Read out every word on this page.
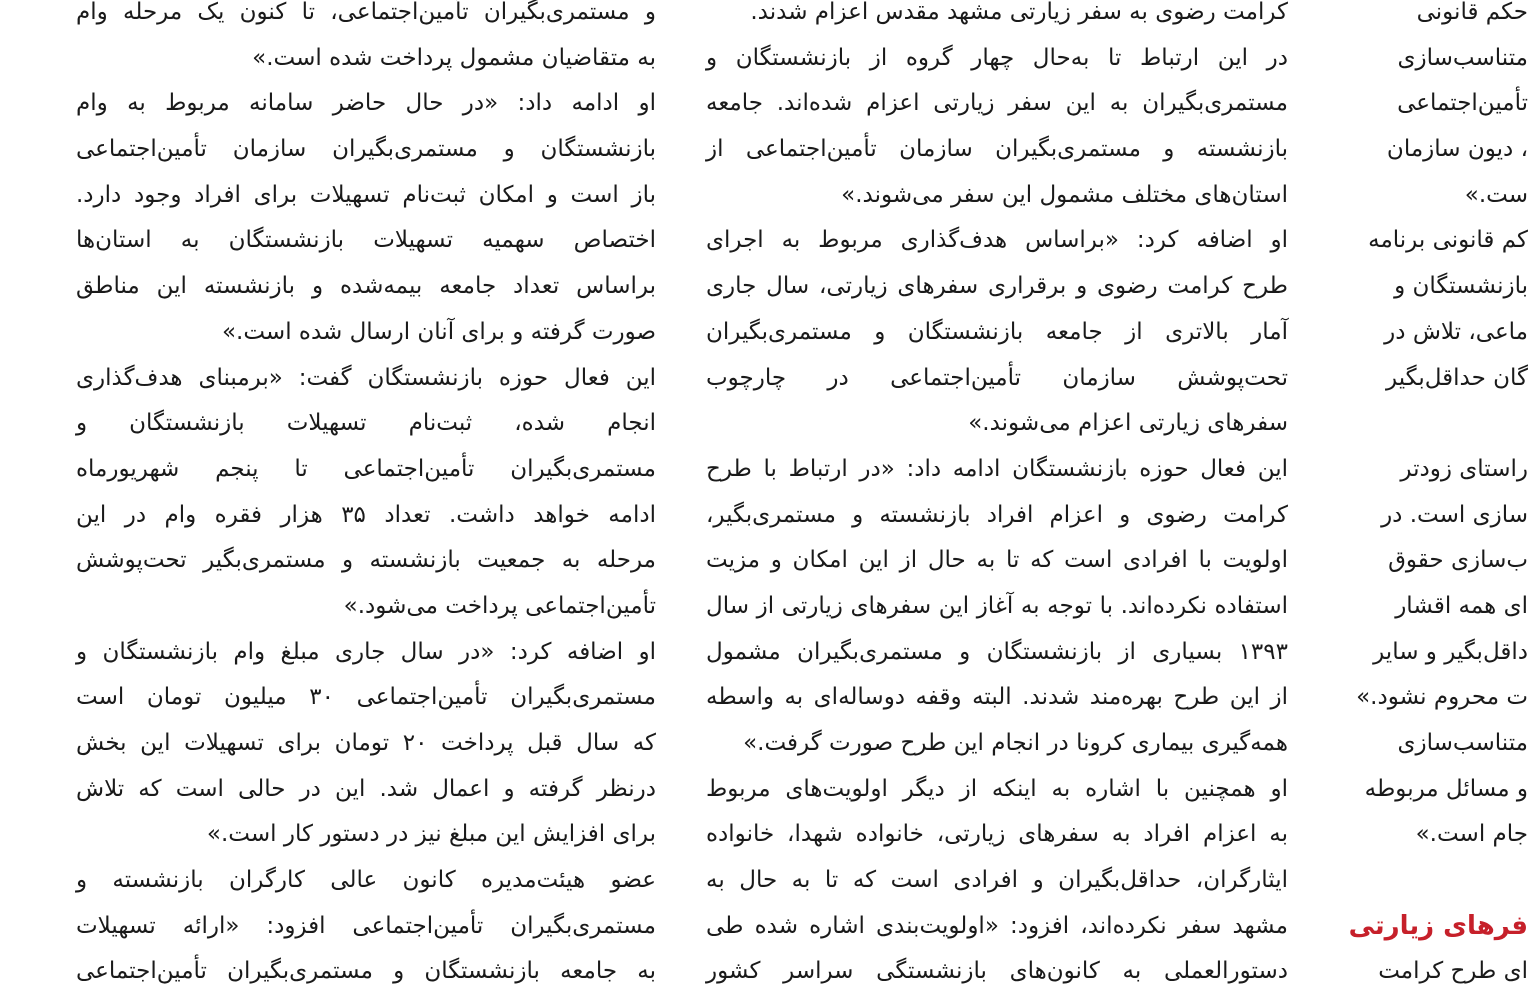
و مستمری‌بگیران تأمین‌اجتماعی، تا کنون یک مرحله وام
به متقاضیان مشمول پرداخت شده است.»
او ادامه داد: «در حال حاضر سامانه مربوط به وام
بازنشستگان و مستمری‌بگیران سازمان تأمین‌اجتماعی
باز است و امکان ثبت‌نام تسهیلات برای افراد وجود دارد.
اختصاص سهمیه تسهیلات بازنشستگان به استان‌ها
براساس تعداد جامعه بیمه‌شده و بازنشسته این مناطق
صورت گرفته و برای آنان ارسال شده است.»
این فعال حوزه بازنشستگان گفت: «برمبنای هدف‌گذاری
انجام شده، ثبت‌نام تسهیلات بازنشستگان و
مستمری‌بگیران تأمین‌اجتماعی تا پنجم شهریورماه
ادامه خواهد داشت. تعداد ۳۵ هزار فقره وام در این
مرحله به جمعیت بازنشسته و مستمری‌بگیر تحت‌پوشش
تأمین‌اجتماعی پرداخت می‌شود.»
او اضافه کرد: «در سال جاری مبلغ وام بازنشستگان و
مستمری‌بگیران تأمین‌اجتماعی ۳۰ میلیون تومان است
که سال قبل پرداخت ۲۰ تومان برای تسهیلات این بخش
درنظر گرفته و اعمال شد. این در حالی است که تلاش
برای افزایش این مبلغ نیز در دستور کار است.»
عضو هیئت‌مدیره کانون عالی کارگران بازنشسته و
مستمری‌بگیران تأمین‌اجتماعی افزود: «ارائه تسهیلات
به جامعه بازنشستگان و مستمری‌بگیران تأمین‌اجتماعی
کرامت رضوی به سفر زیارتی مشهد مقدس اعزام شدند.
در این ارتباط تا به‌حال چهار گروه از بازنشستگان و
مستمری‌بگیران به این سفر زیارتی اعزام شده‌اند. جامعه
بازنشسته و مستمری‌بگیران سازمان تأمین‌اجتماعی از
استان‌های مختلف مشمول این سفر می‌شوند.»
او اضافه کرد: «براساس هدف‌گذاری مربوط به اجرای
طرح کرامت رضوی و برقراری سفرهای زیارتی، سال جاری
آمار بالاتری از جامعه بازنشستگان و مستمری‌بگیران
تحت‌پوشش سازمان تأمین‌اجتماعی در چارچوب
سفرهای زیارتی اعزام می‌شوند.»
این فعال حوزه بازنشستگان ادامه داد: «در ارتباط با طرح
کرامت رضوی و اعزام افراد بازنشسته و مستمری‌بگیر،
اولویت با افرادی است که تا به حال از این امکان و مزیت
استفاده نکرده‌اند. با توجه به آغاز این سفرهای زیارتی از سال
۱۳۹۳ بسیاری از بازنشستگان و مستمری‌بگیران مشمول
از این طرح بهره‌مند شدند. البته وقفه دوساله‌ای به واسطه
همه‌گیری بیماری کرونا در انجام این طرح صورت گرفت.»
او همچنین با اشاره به اینکه از دیگر اولویت‌های مربوط
به اعزام افراد به سفرهای زیارتی، خانواده شهدا، خانواده
ایثارگران، حداقل‌بگیران و افرادی است که تا به حال به
مشهد سفر نکرده‌اند، افزود: «اولویت‌بندی اشاره شده طی
دستورالعملی به کانون‌های بازنشستگی سراسر کشور
حکم قانونی
متناسب‌سازی
تأمین‌اجتماعی
، دیون سازمان
ست.»
کم قانونی برنامه
بازنشستگان و
ماعی، تلاش در
گان حداقل‌بگیر
راستای زودتر
سازی است. در
ب‌سازی حقوق
ای همه اقشار
داقل‌بگیر و سایر
ت محروم نشود.»
متناسب‌سازی
و مسائل مربوطه
جام است.»
فرهای زیارتی
ای طرح کرامت
